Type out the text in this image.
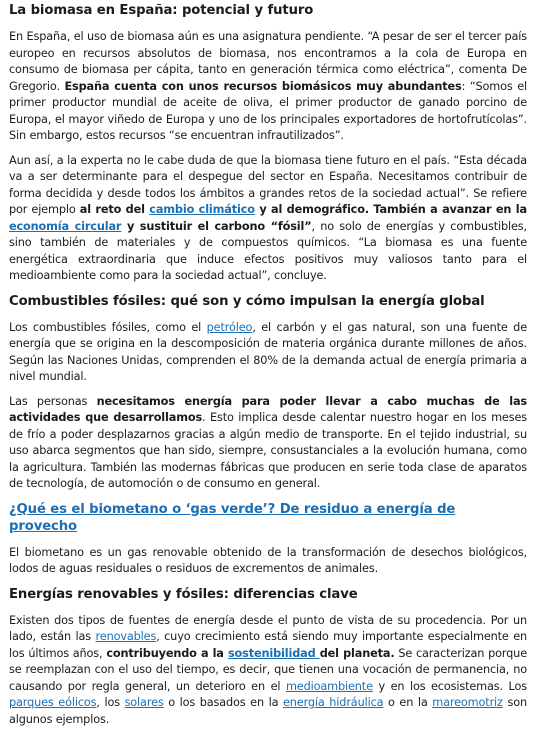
La biomasa en España: potencial y futuro

En España, el uso de biomasa aún es una asignatura pendiente. “A pesar de ser el tercer país europeo en recursos absolutos de biomasa, nos encontramos a la cola de Europa en consumo de biomasa per cápita, tanto en generación térmica como eléctrica”, comenta De Gregorio. España cuenta con unos recursos biomásicos muy abundantes: “Somos el primer productor mundial de aceite de oliva, el primer productor de ganado porcino de Europa, el mayor viñedo de Europa y uno de los principales exportadores de hortofrutícolas”. Sin embargo, estos recursos “se encuentran infrautilizados”.

Aun así, a la experta no le cabe duda de que la biomasa tiene futuro en el país. “Esta década va a ser determinante para el despegue del sector en España. Necesitamos contribuir de forma decidida y desde todos los ámbitos a grandes retos de la sociedad actual”. Se refiere por ejemplo al reto del cambio climático y al demográfico. También a avanzar en la economía circular y sustituir el carbono “fósil”, no solo de energías y combustibles, sino también de materiales y de compuestos químicos. “La biomasa es una fuente energética extraordinaria que induce efectos positivos muy valiosos tanto para el medioambiente como para la sociedad actual”, concluye.

Combustibles fósiles: qué son y cómo impulsan la energía global

Los combustibles fósiles, como el petróleo, el carbón y el gas natural, son una fuente de energía que se origina en la descomposición de materia orgánica durante millones de años. Según las Naciones Unidas, comprenden el 80% de la demanda actual de energía primaria a nivel mundial.

Las personas necesitamos energía para poder llevar a cabo muchas de las actividades que desarrollamos. Esto implica desde calentar nuestro hogar en los meses de frío a poder desplazarnos gracias a algún medio de transporte. En el tejido industrial, su uso abarca segmentos que han sido, siempre, consustanciales a la evolución humana, como la agricultura. También las modernas fábricas que producen en serie toda clase de aparatos de tecnología, de automoción o de consumo en general.

¿Qué es el biometano o ‘gas verde’? De residuo a energía de provecho

El biometano es un gas renovable obtenido de la transformación de desechos biológicos, lodos de aguas residuales o residuos de excrementos de animales.

Energías renovables y fósiles: diferencias clave

Existen dos tipos de fuentes de energía desde el punto de vista de su procedencia. Por un lado, están las renovables, cuyo crecimiento está siendo muy importante especialmente en los últimos años, contribuyendo a la sostenibilidad del planeta. Se caracterizan porque se reemplazan con el uso del tiempo, es decir, que tienen una vocación de permanencia, no causando por regla general, un deterioro en el medioambiente y en los ecosistemas. Los parques eólicos, los solares o los basados en la energía hidráulica o en la mareomotriz son algunos ejemplos.
